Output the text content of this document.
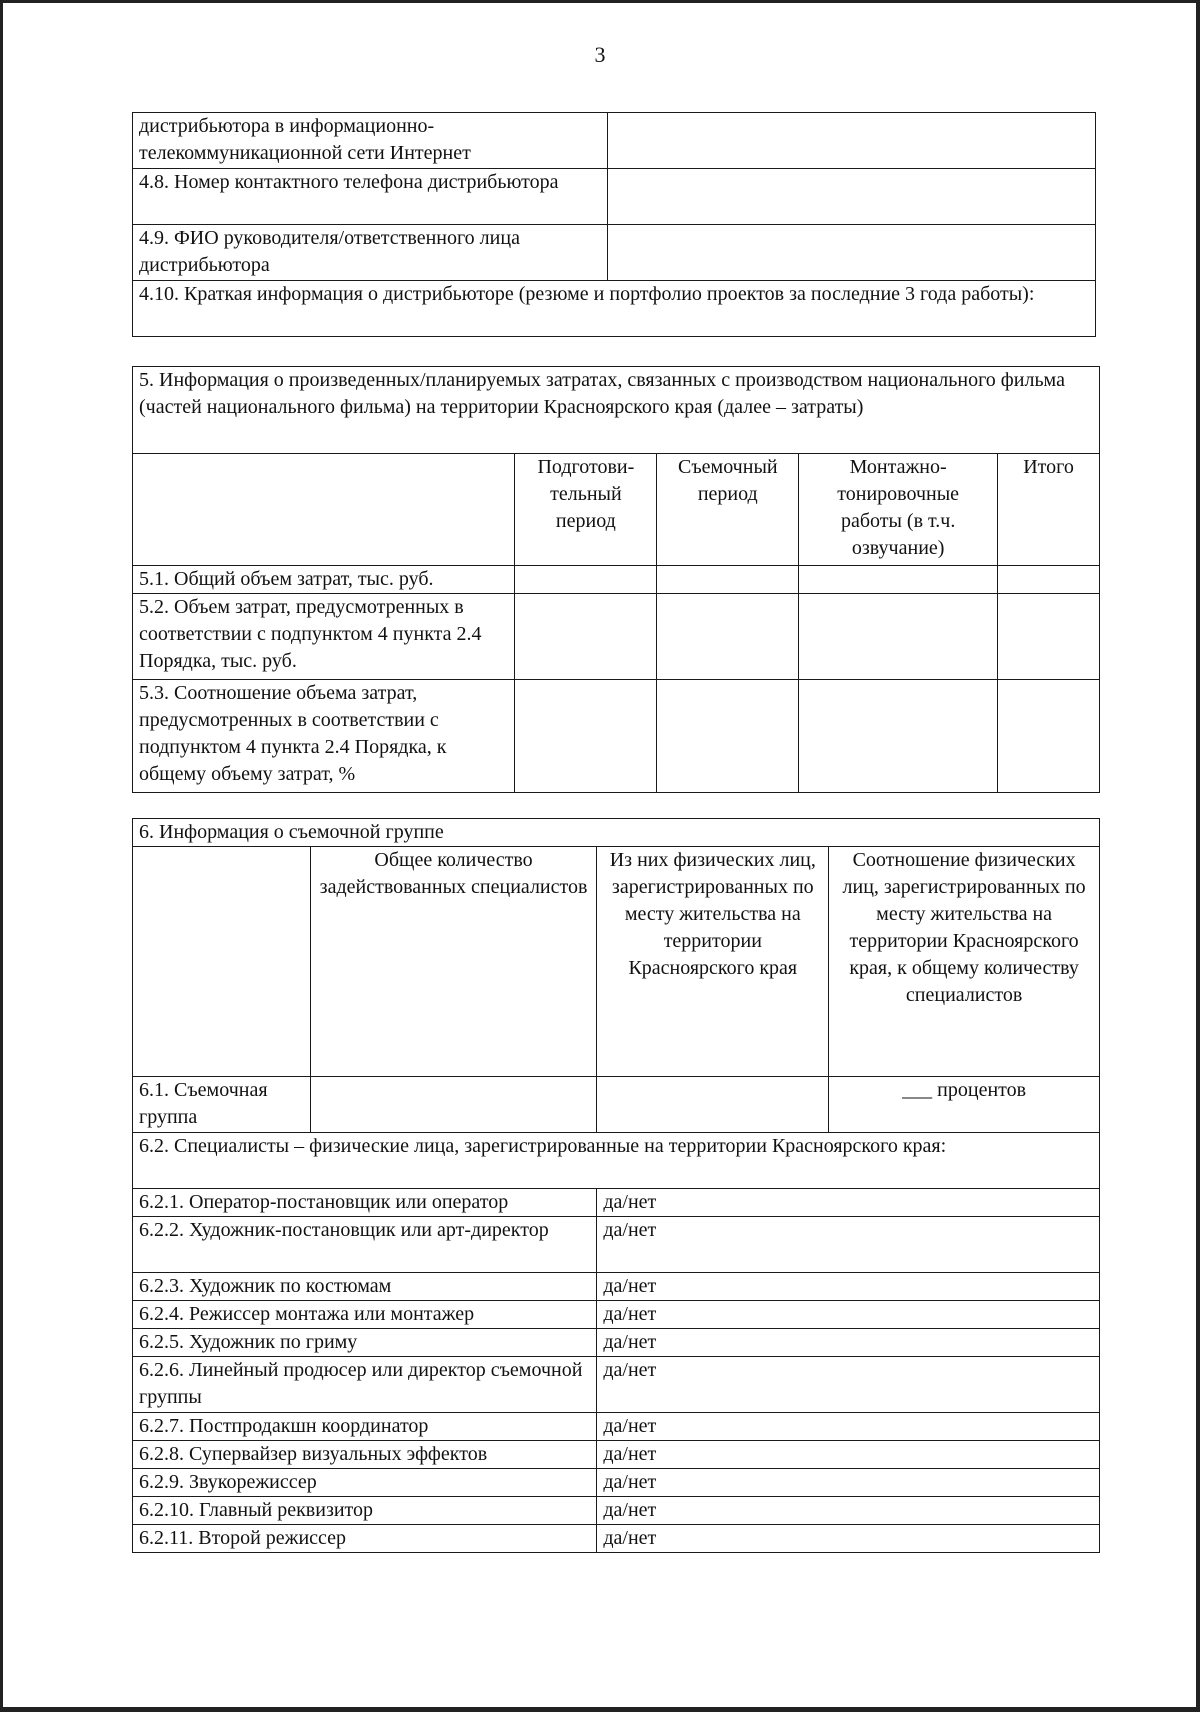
3
дистрибьютора в информационно-телекоммуникационной сети Интернет	
4.8. Номер контактного телефона дистрибьютора	
4.9. ФИО руководителя/ответственного лица дистрибьютора	
4.10. Краткая информация о дистрибьюторе (резюме и портфолио проектов за последние 3 года работы):	
5. Информация о произведенных/планируемых затратах, связанных с производством национального фильма (частей национального фильма) на территории Красноярского края (далее – затраты)				
	Подготови-тельный период	Съемочный период	Монтажно-тонировочные работы (в т.ч. озвучание)	Итого
5.1. Общий объем затрат, тыс. руб.				
5.2. Объем затрат, предусмотренных в соответствии с подпунктом 4 пункта 2.4 Порядка, тыс. руб.				
5.3. Соотношение объема затрат, предусмотренных в соответствии с подпунктом 4 пункта 2.4 Порядка, к общему объему затрат, %				
6. Информация о съемочной группе			
	Общее количество задействованных специалистов	Из них физических лиц, зарегистрированных по месту жительства на территории Красноярского края	Соотношение физических лиц, зарегистрированных по месту жительства на территории Красноярского края, к общему количеству специалистов
6.1. Съемочная группа			___ процентов
6.2. Специалисты – физические лица, зарегистрированные на территории Красноярского края:			
6.2.1. Оператор-постановщик или оператор		да/нет	
6.2.2. Художник-постановщик или арт-директор		да/нет	
6.2.3. Художник по костюмам		да/нет	
6.2.4. Режиссер монтажа или монтажер		да/нет	
6.2.5. Художник по гриму		да/нет	
6.2.6. Линейный продюсер или директор съемочной группы		да/нет	
6.2.7. Постпродакшн координатор		да/нет	
6.2.8. Супервайзер визуальных эффектов		да/нет	
6.2.9. Звукорежиссер		да/нет	
6.2.10. Главный реквизитор		да/нет	
6.2.11. Второй режиссер		да/нет	
